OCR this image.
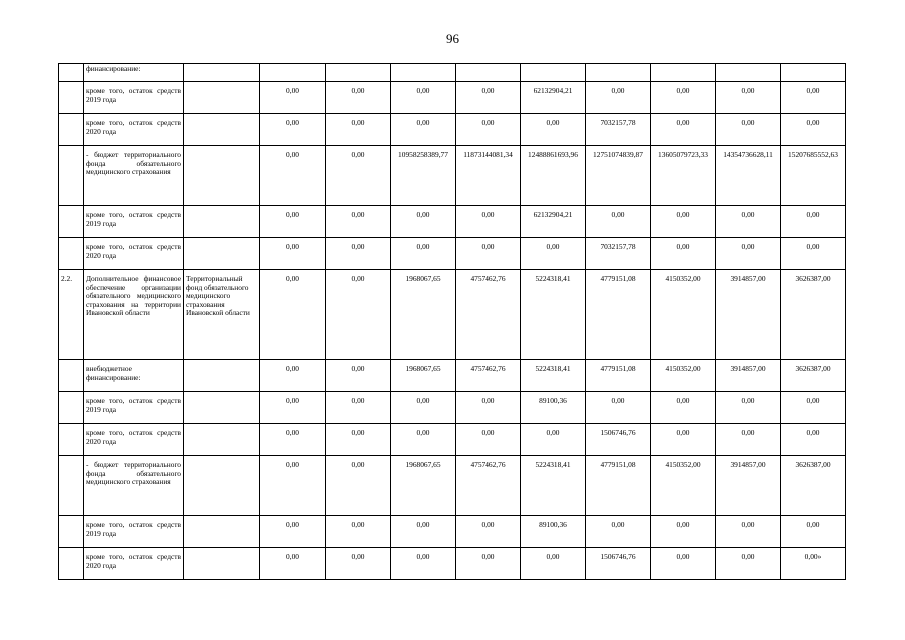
96
	финансирование:										
	кроме того, остаток средств 2019 года		0,00	0,00	0,00	0,00	62132904,21	0,00	0,00	0,00	0,00
	кроме того, остаток средств 2020 года		0,00	0,00	0,00	0,00	0,00	7032157,78	0,00	0,00	0,00
	- бюджет территориального фонда обязательного медицинского страхования		0,00	0,00	10958258389,77	11873144081,34	12488861693,96	12751074839,87	13605079723,33	14354736628,11	15207685552,63
	кроме того, остаток средств 2019 года		0,00	0,00	0,00	0,00	62132904,21	0,00	0,00	0,00	0,00
	кроме того, остаток средств 2020 года		0,00	0,00	0,00	0,00	0,00	7032157,78	0,00	0,00	0,00
2.2.	Дополнительное финансовое обеспечение организации обязательного медицинского страхования на территории Ивановской области	Территориальный фонд обязательного медицинского страхования Ивановской области	0,00	0,00	1968067,65	4757462,76	5224318,41	4779151,08	4150352,00	3914857,00	3626387,00
	внебюджетное финансирование:		0,00	0,00	1968067,65	4757462,76	5224318,41	4779151,08	4150352,00	3914857,00	3626387,00
	кроме того, остаток средств 2019 года		0,00	0,00	0,00	0,00	89100,36	0,00	0,00	0,00	0,00
	кроме того, остаток средств 2020 года		0,00	0,00	0,00	0,00	0,00	1506746,76	0,00	0,00	0,00
	- бюджет территориального фонда обязательного медицинского страхования		0,00	0,00	1968067,65	4757462,76	5224318,41	4779151,08	4150352,00	3914857,00	3626387,00
	кроме того, остаток средств 2019 года		0,00	0,00	0,00	0,00	89100,36	0,00	0,00	0,00	0,00
	кроме того, остаток средств 2020 года		0,00	0,00	0,00	0,00	0,00	1506746,76	0,00	0,00	0,00»
